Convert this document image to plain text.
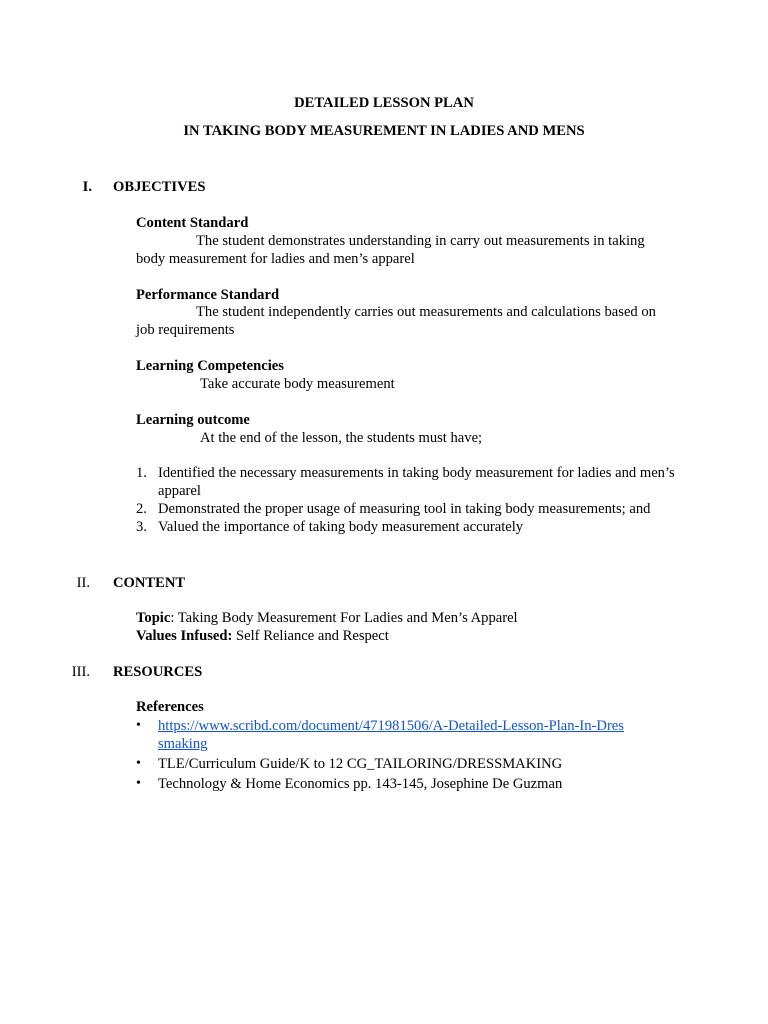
DETAILED LESSON PLAN
IN TAKING BODY MEASUREMENT IN LADIES AND MENS
I. OBJECTIVES
Content Standard
The student demonstrates understanding in carry out measurements in taking body measurement for ladies and men’s apparel
Performance Standard
The student independently carries out measurements and calculations based on job requirements
Learning Competencies
Take accurate body measurement
Learning outcome
At the end of the lesson, the students must have;
1. Identified the necessary measurements in taking body measurement for ladies and men’s apparel
2. Demonstrated the proper usage of measuring tool in taking body measurements; and
3. Valued the importance of taking body measurement accurately
II. CONTENT
Topic: Taking Body Measurement For Ladies and Men’s Apparel
Values Infused: Self Reliance and Respect
III. RESOURCES
References
• https://www.scribd.com/document/471981506/A-Detailed-Lesson-Plan-In-Dressmaking
• TLE/Curriculum Guide/K to 12 CG_TAILORING/DRESSMAKING
• Technology & Home Economics pp. 143-145, Josephine De Guzman
